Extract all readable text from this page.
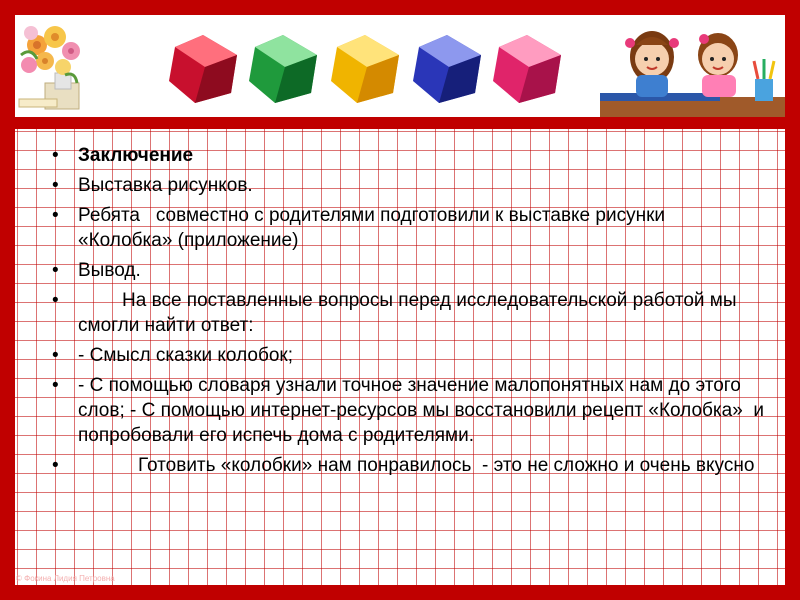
• Заключение
• Выставка рисунков.
• Ребята   совместно с родителями подготовили к выставке рисунки «Колобка» (приложение)
• Вывод.
•	На все поставленные вопросы перед исследовательской работой мы смогли найти ответ:
• - Смысл сказки колобок;
• - С помощью словаря узнали точное значение малопонятных нам до этого слов; - С помощью интернет-ресурсов мы восстановили рецепт «Колобка»  и  попробовали его испечь дома с родителями.
•	Готовить «колобки» нам понравилось  - это не сложно и очень вкусно
© Фокина Лидия Петровна
